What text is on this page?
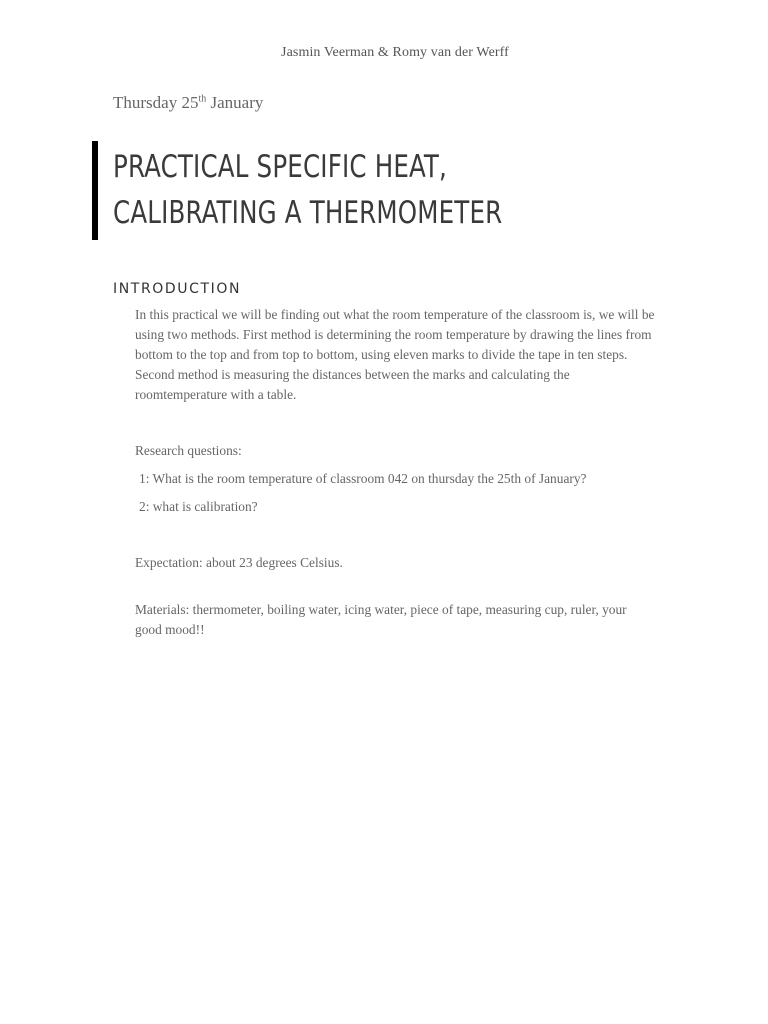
Jasmin Veerman & Romy van der Werff
Thursday 25th January
PRACTICAL SPECIFIC HEAT,
CALIBRATING A THERMOMETER
INTRODUCTION
In this practical we will be finding out what the room temperature of the classroom is, we will be using two methods. First method is determining the room temperature by drawing the lines from bottom to the top and from top to bottom, using eleven marks to divide the tape in ten steps. Second method is measuring the distances between the marks and calculating the roomtemperature with a table.
Research questions:
1: What is the room temperature of classroom 042 on thursday the 25th of January?
2: what is calibration?
Expectation: about 23 degrees Celsius.
Materials: thermometer, boiling water, icing water, piece of tape, measuring cup, ruler, your good mood!!
